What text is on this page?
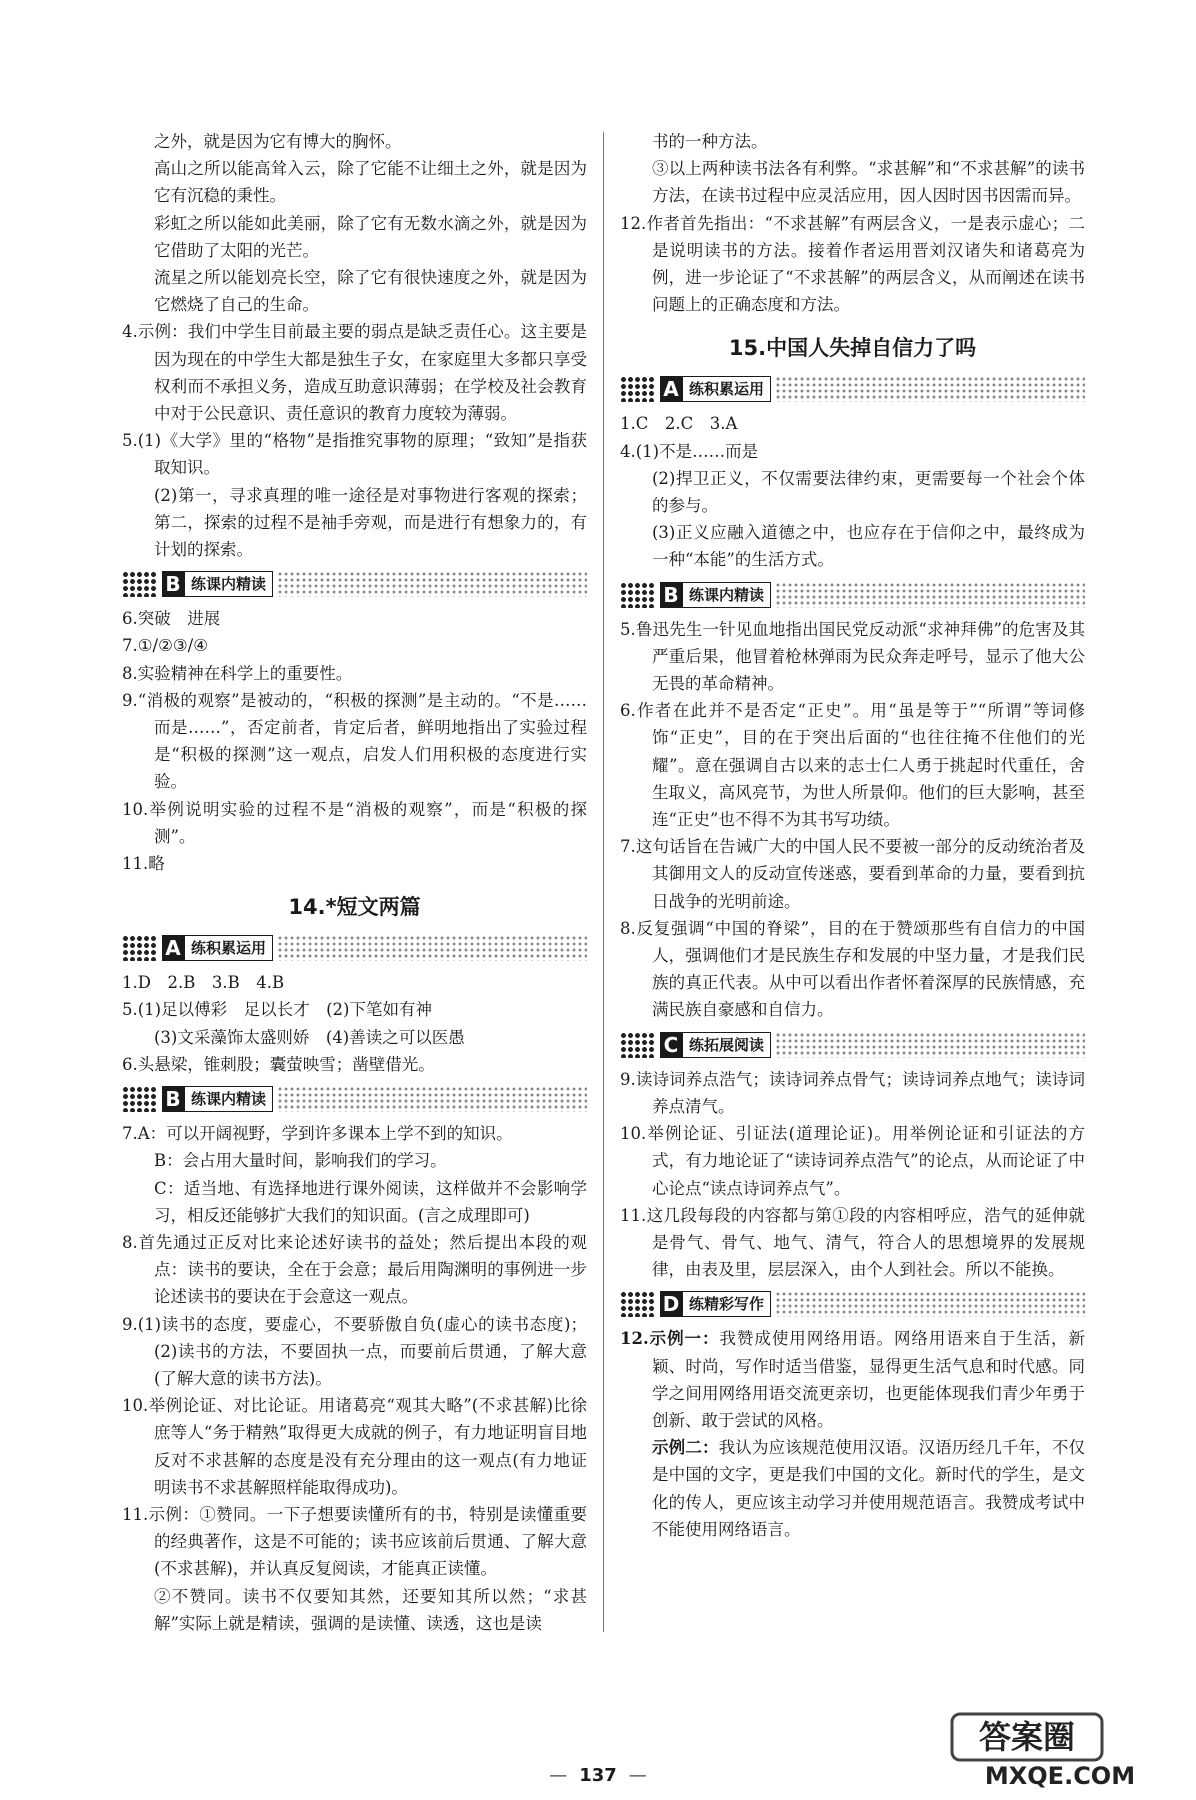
之外，就是因为它有博大的胸怀。

高山之所以能高耸入云，除了它能不让细土之外，就是因为它有沉稳的秉性。

彩虹之所以能如此美丽，除了它有无数水滴之外，就是因为它借助了太阳的光芒。

流星之所以能划亮长空，除了它有很快速度之外，就是因为它燃烧了自己的生命。

4.示例：我们中学生目前最主要的弱点是缺乏责任心。这主要是因为现在的中学生大都是独生子女，在家庭里大多都只享受权利而不承担义务，造成互助意识薄弱；在学校及社会教育中对于公民意识、责任意识的教育力度较为薄弱。

5.(1)《大学》里的“格物”是指推究事物的原理；“致知”是指获取知识。

(2)第一，寻求真理的唯一途径是对事物进行客观的探索；第二，探索的过程不是袖手旁观，而是进行有想象力的，有计划的探索。

B 练课内精读

6.突破　进展

7.①/②③/④

8.实验精神在科学上的重要性。

9.“消极的观察”是被动的，“积极的探测”是主动的。“不是……而是……”，否定前者，肯定后者，鲜明地指出了实验过程是“积极的探测”这一观点，启发人们用积极的态度进行实验。

10.举例说明实验的过程不是“消极的观察”，而是“积极的探测”。

11.略

14.*短文两篇
A 练积累运用

1.D　2.B　3.B　4.B

5.(1)足以傅彩　足以长才　(2)下笔如有神

(3)文采藻饰太盛则娇　(4)善读之可以医愚

6.头悬梁，锥刺股；囊萤映雪；凿壁借光。

B 练课内精读

7.A：可以开阔视野，学到许多课本上学不到的知识。

B：会占用大量时间，影响我们的学习。

C：适当地、有选择地进行课外阅读，这样做并不会影响学习，相反还能够扩大我们的知识面。(言之成理即可)

8.首先通过正反对比来论述好读书的益处；然后提出本段的观点：读书的要诀，全在于会意；最后用陶渊明的事例进一步论述读书的要诀在于会意这一观点。

9.(1)读书的态度，要虚心，不要骄傲自负(虚心的读书态度)；(2)读书的方法，不要固执一点，而要前后贯通，了解大意(了解大意的读书方法)。

10.举例论证、对比论证。用诸葛亮“观其大略”(不求甚解)比徐庶等人“务于精熟”取得更大成就的例子，有力地证明盲目地反对不求甚解的态度是没有充分理由的这一观点(有力地证明读书不求甚解照样能取得成功)。

11.示例：①赞同。一下子想要读懂所有的书，特别是读懂重要的经典著作，这是不可能的；读书应该前后贯通、了解大意(不求甚解)，并认真反复阅读，才能真正读懂。

②不赞同。读书不仅要知其然，还要知其所以然；“求甚解”实际上就是精读，强调的是读懂、读透，这也是读

书的一种方法。

③以上两种读书法各有利弊。“求甚解”和“不求甚解”的读书方法，在读书过程中应灵活应用，因人因时因书因需而异。

12.作者首先指出：“不求甚解”有两层含义，一是表示虚心；二是说明读书的方法。接着作者运用晋刘汉诸失和诸葛亮为例，进一步论证了“不求甚解”的两层含义，从而阐述在读书问题上的正确态度和方法。

15.中国人失掉自信力了吗
A 练积累运用

1.C　2.C　3.A

4.(1)不是……而是

(2)捍卫正义，不仅需要法律约束，更需要每一个社会个体的参与。

(3)正义应融入道德之中，也应存在于信仰之中，最终成为一种“本能”的生活方式。

B 练课内精读

5.鲁迅先生一针见血地指出国民党反动派“求神拜佛”的危害及其严重后果，他冒着枪林弹雨为民众奔走呼号，显示了他大公无畏的革命精神。

6.作者在此并不是否定“正史”。用“虽是等于”“所谓”等词修饰“正史”，目的在于突出后面的“也往往掩不住他们的光耀”。意在强调自古以来的志士仁人勇于挑起时代重任，舍生取义，高风亮节，为世人所景仰。他们的巨大影响，甚至连“正史”也不得不为其书写功绩。

7.这句话旨在告诫广大的中国人民不要被一部分的反动统治者及其御用文人的反动宣传迷惑，要看到革命的力量，要看到抗日战争的光明前途。

8.反复强调“中国的脊梁”，目的在于赞颂那些有自信力的中国人，强调他们才是民族生存和发展的中坚力量，才是我们民族的真正代表。从中可以看出作者怀着深厚的民族情感，充满民族自豪感和自信力。

C 练拓展阅读

9.读诗词养点浩气；读诗词养点骨气；读诗词养点地气；读诗词养点清气。

10.举例论证、引证法(道理论证)。用举例论证和引证法的方式，有力地论证了“读诗词养点浩气”的论点，从而论证了中心论点“读点诗词养点气”。

11.这几段每段的内容都与第①段的内容相呼应，浩气的延伸就是骨气、骨气、地气、清气，符合人的思想境界的发展规律，由表及里，层层深入，由个人到社会。所以不能换。

D 练精彩写作

12.示例一：我赞成使用网络用语。网络用语来自于生活，新颖、时尚，写作时适当借鉴，显得更生活气息和时代感。同学之间用网络用语交流更亲切，也更能体现我们青少年勇于创新、敢于尝试的风格。

示例二：我认为应该规范使用汉语。汉语历经几千年，不仅是中国的文字，更是我们中国的文化。新时代的学生，是文化的传人，更应该主动学习并使用规范语言。我赞成考试中不能使用网络语言。

— 137 —
答案圈
MXQE.COM
